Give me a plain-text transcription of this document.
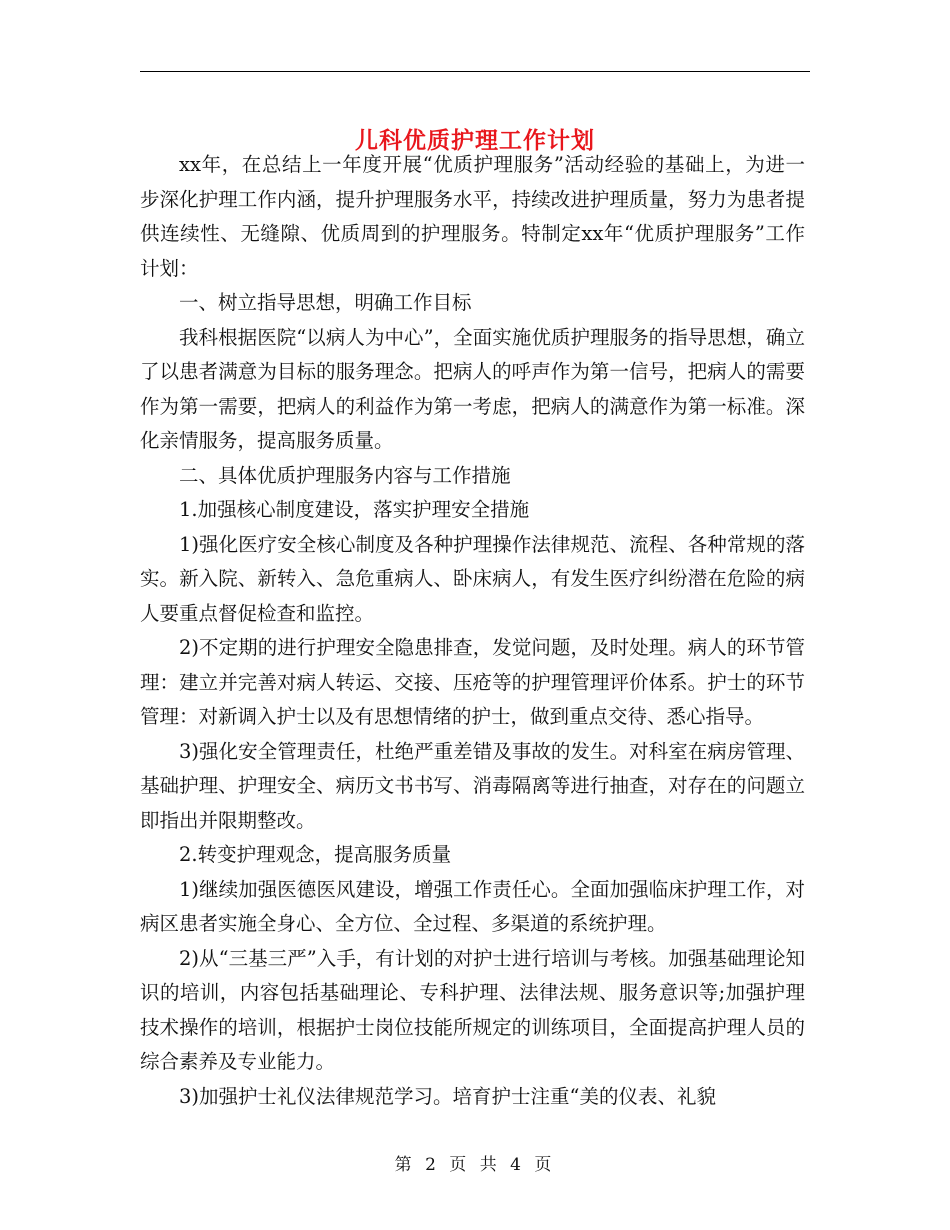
儿科优质护理工作计划

xx年，在总结上一年度开展“优质护理服务”活动经验的基础上，为进一步深化护理工作内涵，提升护理服务水平，持续改进护理质量，努力为患者提供连续性、无缝隙、优质周到的护理服务。特制定xx年“优质护理服务”工作计划：

一、树立指导思想，明确工作目标

我科根据医院“以病人为中心”，全面实施优质护理服务的指导思想，确立了以患者满意为目标的服务理念。把病人的呼声作为第一信号，把病人的需要作为第一需要，把病人的利益作为第一考虑，把病人的满意作为第一标准。深化亲情服务，提高服务质量。

二、具体优质护理服务内容与工作措施

1.加强核心制度建设，落实护理安全措施

1)强化医疗安全核心制度及各种护理操作法律规范、流程、各种常规的落实。新入院、新转入、急危重病人、卧床病人，有发生医疗纠纷潜在危险的病人要重点督促检查和监控。

2)不定期的进行护理安全隐患排查，发觉问题，及时处理。病人的环节管理：建立并完善对病人转运、交接、压疮等的护理管理评价体系。护士的环节管理：对新调入护士以及有思想情绪的护士，做到重点交待、悉心指导。

3)强化安全管理责任，杜绝严重差错及事故的发生。对科室在病房管理、基础护理、护理安全、病历文书书写、消毒隔离等进行抽查，对存在的问题立即指出并限期整改。

2.转变护理观念，提高服务质量

1)继续加强医德医风建设，增强工作责任心。全面加强临床护理工作，对病区患者实施全身心、全方位、全过程、多渠道的系统护理。

2)从“三基三严”入手，有计划的对护士进行培训与考核。加强基础理论知识的培训，内容包括基础理论、专科护理、法律法规、服务意识等;加强护理技术操作的培训，根据护士岗位技能所规定的训练项目，全面提高护理人员的综合素养及专业能力。

3)加强护士礼仪法律规范学习。培育护士注重“美的仪表、礼貌

第 2 页 共 4 页
